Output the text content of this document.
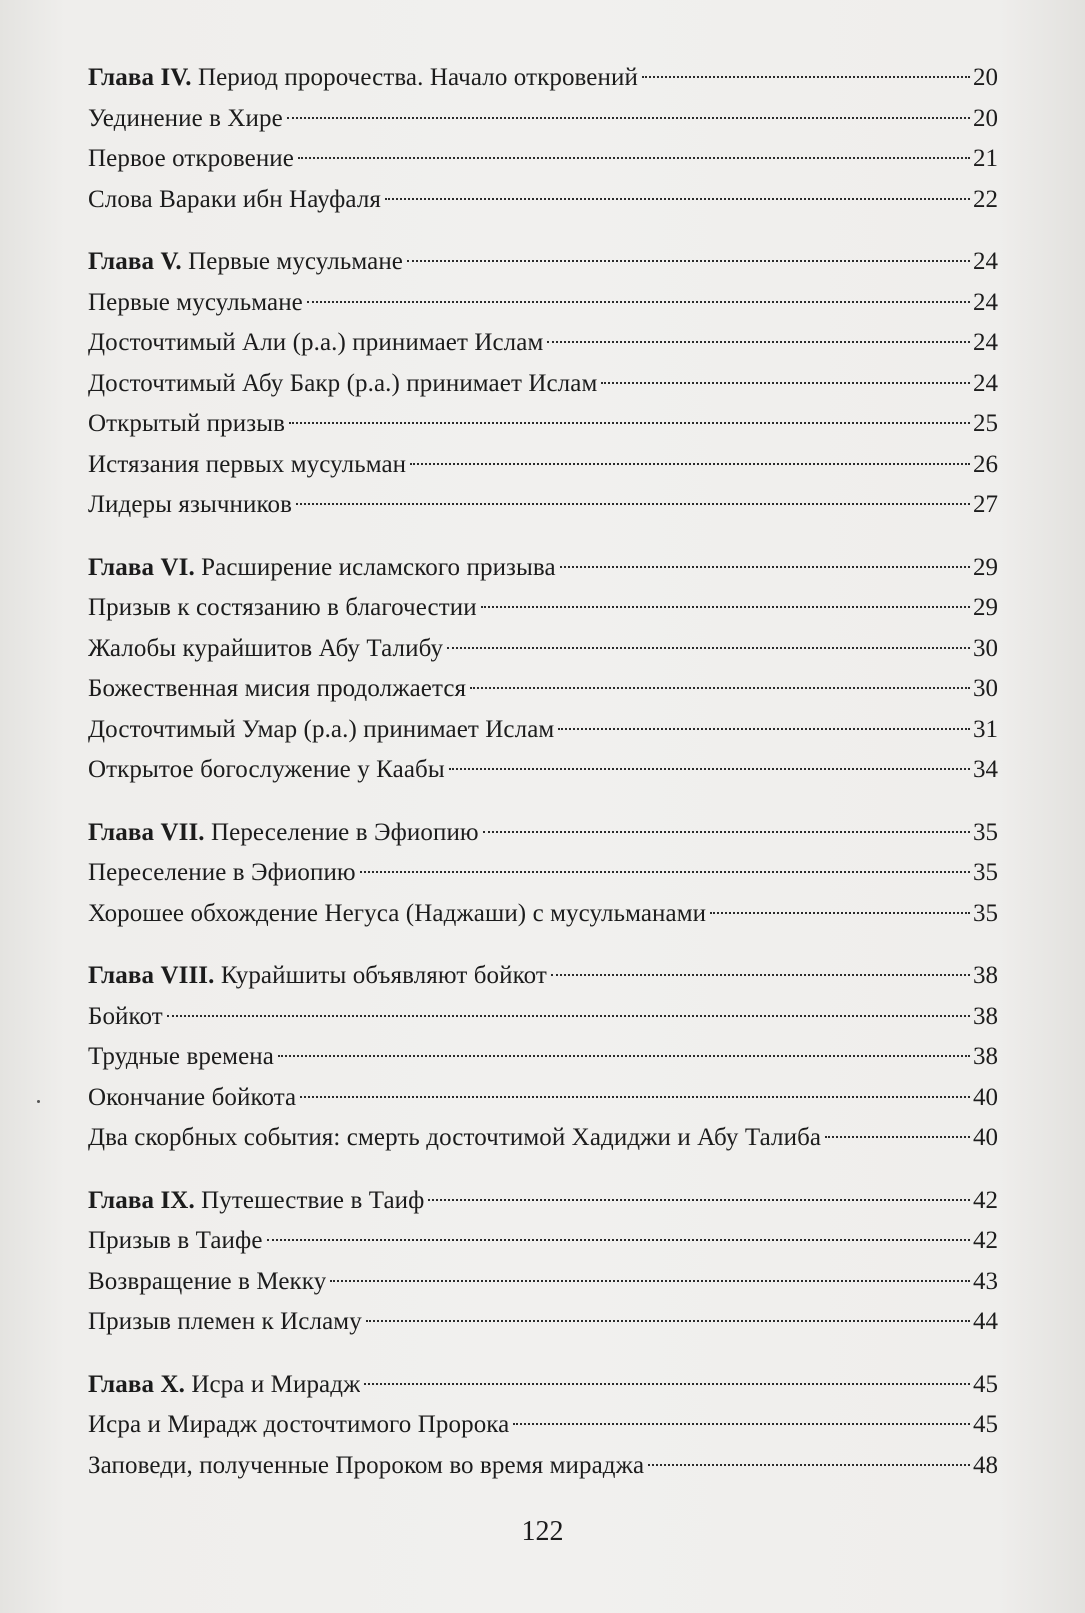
Глава IV. Период пророчества. Начало откровений	20
Уединение в Хире	20
Первое откровение	21
Слова Вараки ибн Науфаля	22
Глава V. Первые мусульмане	24
Первые мусульмане	24
Досточтимый Али (р.а.) принимает Ислам	24
Досточтимый Абу Бакр (р.а.) принимает Ислам	24
Открытый призыв	25
Истязания первых мусульман	26
Лидеры язычников	27
Глава VI. Расширение исламского призыва	29
Призыв к состязанию в благочестии	29
Жалобы курайшитов Абу Талибу	30
Божественная мисия продолжается	30
Досточтимый Умар (р.а.) принимает Ислам	31
Открытое богослужение у Каабы	34
Глава VII. Переселение в Эфиопию	35
Переселение в Эфиопию	35
Хорошее обхождение Негуса (Наджаши) с мусульманами	35
Глава VIII. Курайшиты объявляют бойкот	38
Бойкот	38
Трудные времена	38
Окончание бойкота	40
Два скорбных события: смерть досточтимой Хадиджи и Абу Талиба	40
Глава IX. Путешествие в Таиф	42
Призыв в Таифе	42
Возвращение в Мекку	43
Призыв племен к Исламу	44
Глава X. Исра и Мирадж	45
Исра и Мирадж досточтимого Пророка	45
Заповеди, полученные Пророком во время мираджа	48
122
